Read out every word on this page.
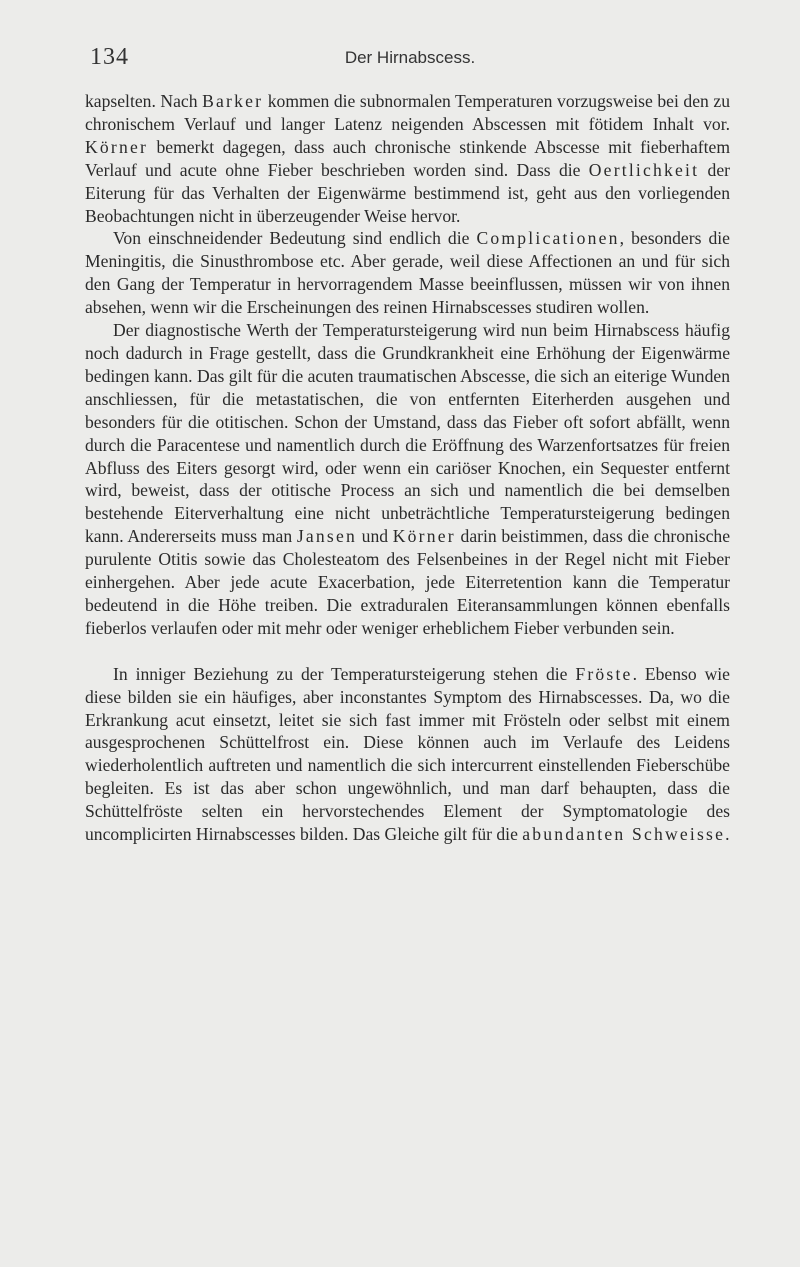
134	Der Hirnabscess.

kapselten. Nach Barker kommen die subnormalen Temperaturen vorzugsweise bei den zu chronischem Verlauf und langer Latenz neigenden Abscessen mit fötidem Inhalt vor. Körner bemerkt dagegen, dass auch chronische stinkende Abscesse mit fieberhaftem Verlauf und acute ohne Fieber beschrieben worden sind. Dass die Oertlichkeit der Eiterung für das Verhalten der Eigenwärme bestimmend ist, geht aus den vorliegenden Beobachtungen nicht in überzeugender Weise hervor.

Von einschneidender Bedeutung sind endlich die Complicationen, besonders die Meningitis, die Sinusthrombose etc. Aber gerade, weil diese Affectionen an und für sich den Gang der Temperatur in hervorragendem Masse beeinflussen, müssen wir von ihnen absehen, wenn wir die Erscheinungen des reinen Hirnabscesses studiren wollen.

Der diagnostische Werth der Temperatursteigerung wird nun beim Hirnabscess häufig noch dadurch in Frage gestellt, dass die Grundkrankheit eine Erhöhung der Eigenwärme bedingen kann. Das gilt für die acuten traumatischen Abscesse, die sich an eiterige Wunden anschliessen, für die metastatischen, die von entfernten Eiterherden ausgehen und besonders für die otitischen. Schon der Umstand, dass das Fieber oft sofort abfällt, wenn durch die Paracentese und namentlich durch die Eröffnung des Warzenfortsatzes für freien Abfluss des Eiters gesorgt wird, oder wenn ein cariöser Knochen, ein Sequester entfernt wird, beweist, dass der otitische Process an sich und namentlich die bei demselben bestehende Eiterverhaltung eine nicht unbeträchtliche Temperatursteigerung bedingen kann. Andererseits muss man Jansen und Körner darin beistimmen, dass die chronische purulente Otitis sowie das Cholesteatom des Felsenbeines in der Regel nicht mit Fieber einhergehen. Aber jede acute Exacerbation, jede Eiterretention kann die Temperatur bedeutend in die Höhe treiben. Die extraduralen Eiteransammlungen können ebenfalls fieberlos verlaufen oder mit mehr oder weniger erheblichem Fieber verbunden sein.

In inniger Beziehung zu der Temperatursteigerung stehen die Fröste. Ebenso wie diese bilden sie ein häufiges, aber inconstantes Symptom des Hirnabscesses. Da, wo die Erkrankung acut einsetzt, leitet sie sich fast immer mit Frösteln oder selbst mit einem ausgesprochenen Schüttelfrost ein. Diese können auch im Verlaufe des Leidens wiederholentlich auftreten und namentlich die sich intercurrent einstellenden Fieberschübe begleiten. Es ist das aber schon ungewöhnlich, und man darf behaupten, dass die Schüttelfröste selten ein hervorstechendes Element der Symptomatologie des uncomplicirten Hirnabscesses bilden. Das Gleiche gilt für die abundanten Schweisse.
